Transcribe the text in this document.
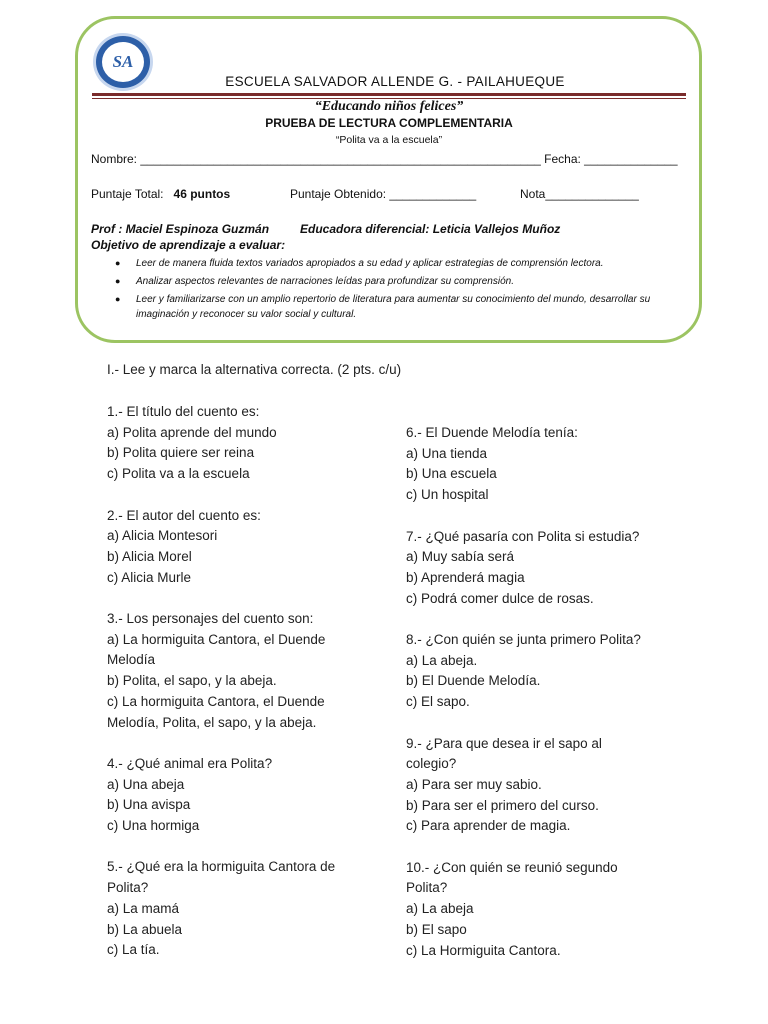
SA
ESCUELA SALVADOR ALLENDE G. - PAILAHUEQUE
“Educando niños felices”
PRUEBA DE LECTURA COMPLEMENTARIA
“Polita va a la escuela”
Nombre: ____________________________________________________________ Fecha: ______________
Puntaje Total: 46 puntos	Puntaje Obtenido: _____________	Nota______________
Prof : Maciel Espinoza Guzmán	Educadora diferencial: Leticia Vallejos Muñoz
Objetivo de aprendizaje a evaluar:
● Leer de manera fluida textos variados apropiados a su edad y aplicar estrategias de comprensión lectora.
● Analizar aspectos relevantes de narraciones leídas para profundizar su comprensión.
● Leer y familiarizarse con un amplio repertorio de literatura para aumentar su conocimiento del mundo, desarrollar su imaginación y reconocer su valor social y cultural.
I.- Lee y marca la alternativa correcta. (2 pts. c/u)

1.- El título del cuento es:

a) Polita aprende del mundo

b) Polita quiere ser reina

c) Polita va a la escuela

2.- El autor del cuento es:

a) Alicia Montesori

b) Alicia Morel

c) Alicia Murle

3.- Los personajes del cuento son:

a) La hormiguita Cantora, el Duende Melodía

b) Polita, el sapo, y la abeja.

c) La hormiguita Cantora, el Duende Melodía, Polita, el sapo, y la abeja.

4.- ¿Qué animal era Polita?

a) Una abeja

b) Una avispa

c) Una hormiga

5.- ¿Qué era la hormiguita Cantora de Polita?

a) La mamá

b) La abuela

c) La tía.

6.- El Duende Melodía tenía:

a) Una tienda

b) Una escuela

c) Un hospital

7.- ¿Qué pasaría con Polita si estudia?

a) Muy sabía será

b) Aprenderá magia

c) Podrá comer dulce de rosas.

8.- ¿Con quién se junta primero Polita?

a) La abeja.

b) El Duende Melodía.

c) El sapo.

9.- ¿Para que desea ir el sapo al colegio?

a) Para ser muy sabio.

b) Para ser el primero del curso.

c) Para aprender de magia.

10.- ¿Con quién se reunió segundo Polita?

a) La abeja

b) El sapo

c) La Hormiguita Cantora.
